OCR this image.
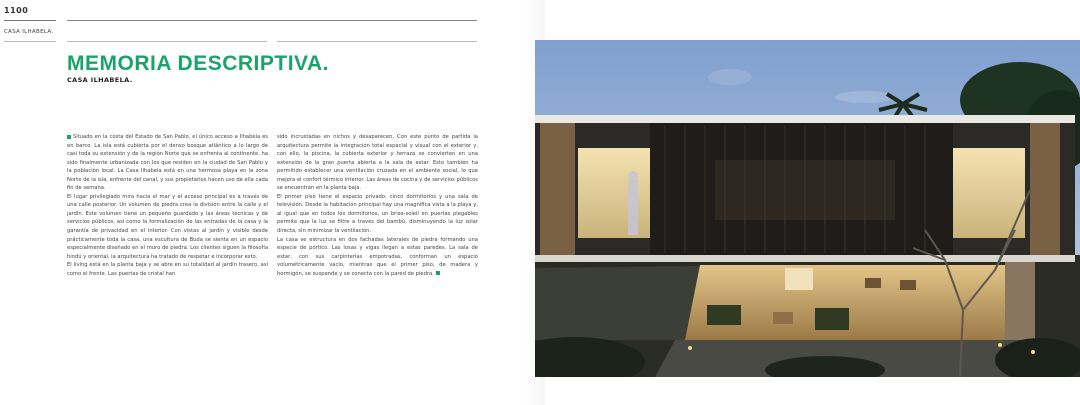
1100
CASA ILHABELA.
MEMORIA DESCRIPTIVA.
CASA ILHABELA.

Situado en la costa del Estado de San Pablo, el único acceso a Ilhabela es en barco. La isla está cubierta por el denso bosque atlántico a lo largo de casi toda su extensión y de la región Norte que se enfrenta al continente, ha sido finalmente urbanizada con los que residen en la ciudad de San Pablo y la población local. La Casa Ilhabela está en una hermosa playa en la zona Norte de la isla, enfrente del canal, y sus propietarios hacen uso de ella cada fin de semana.

El lugar privilegiado mira hacia el mar y el acceso principal es a través de una calle posterior. Un volumen de piedra crea la división entre la calle y el jardín. Este volumen tiene un pequeño guardado y las áreas técnicas y de servicios públicos, así como la formalización de las entradas de la casa y la garantía de privacidad en el interior. Con vistas al jardín y visible desde prácticamente toda la casa, una escultura de Buda se sienta en un espacio especialmente diseñado en el muro de piedra. Los clientes siguen la filosofía hindú y oriental, la arquitectura ha tratado de respetar e incorporar esto.

El living está en la planta baja y se abre en su totalidad al jardín trasero, así como el frente. Las puertas de cristal han

sido incrustadas en nichos y desaparecen. Con este punto de partida la arquitectura permite la integración total espacial y visual con el exterior y, con ello, la piscina, la cubierta exterior y terraza se convierten en una extensión de la gran puerta abierta a la sala de estar. Esto también ha permitido establecer una ventilación cruzada en el ambiente social, lo que mejora el confort térmico interior. Las áreas de cocina y de servicios públicos se encuentran en la planta baja.

El primer piso tiene el espacio privado: cinco dormitorios y una sala de televisión. Desde la habitación principal hay una magnífica vista a la playa y, al igual que en todos los dormitorios, un brise-soleil en puertas plegables permite que la luz se filtre a través del bambú, disminuyendo la luz solar directa, sin minimizar la ventilación.

La casa se estructura en dos fachadas laterales de piedra formando una especie de pórtico. Las losas y vigas llegan a estas paredes. La sala de estar, con sus carpinterías empotradas, conforman un espacio volumétricamente vacío, mientras que el primer piso, de madera y hormigón, se suspende y se conecta con la pared de piedra.
